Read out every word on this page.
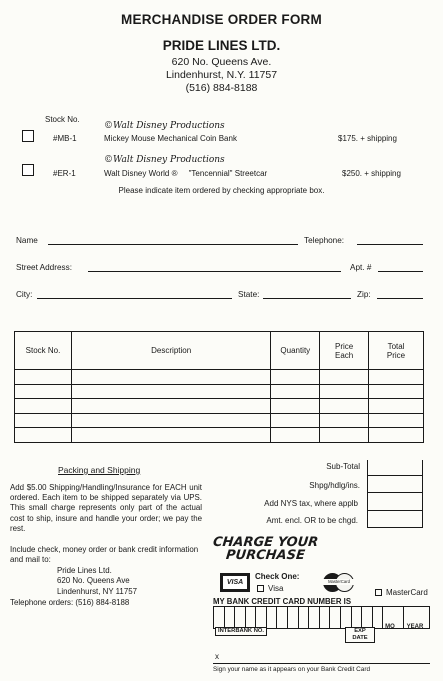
MERCHANDISE ORDER FORM
PRIDE LINES LTD.
620 No. Queens Ave.
Lindenhurst, N.Y. 11757
(516) 884-8188
Stock No.
©Walt Disney Productions
#MB-1	Mickey Mouse Mechanical Coin Bank	$175. + shipping
©Walt Disney Productions
#ER-1	Walt Disney World ®     "Tencennial" Streetcar	$250. + shipping
Please indicate item ordered by checking appropriate box.
Name	Telephone:
Street Address:	Apt. #
City:	State:	Zip:
Stock No.	Description	Quantity	Price Each	Total Price

Packing and Shipping
Add $5.00 Shipping/Handling/Insurance for EACH unit ordered. Each item to be shipped separately via UPS. This small charge represents only part of the actual cost to ship, insure and handle your order; we pay the rest.
Include check, money order or bank credit information and mail to:
Pride Lines Ltd.
620 No. Queens Ave
Lindenhurst, NY 11757
Telephone orders: (516) 884-8188
Sub-Total
Shpg/hdlg/ins.
Add NYS tax, where applb
Amt. encl. OR to be chgd.
CHARGE YOUR
PURCHASE
VISA
Check One:
Visa
MasterCard
MasterCard
MY BANK CREDIT CARD NUMBER IS

INTERBANK NO.	EXP DATE
MO	YEAR
x
Sign your name as it appears on your Bank Credit Card
